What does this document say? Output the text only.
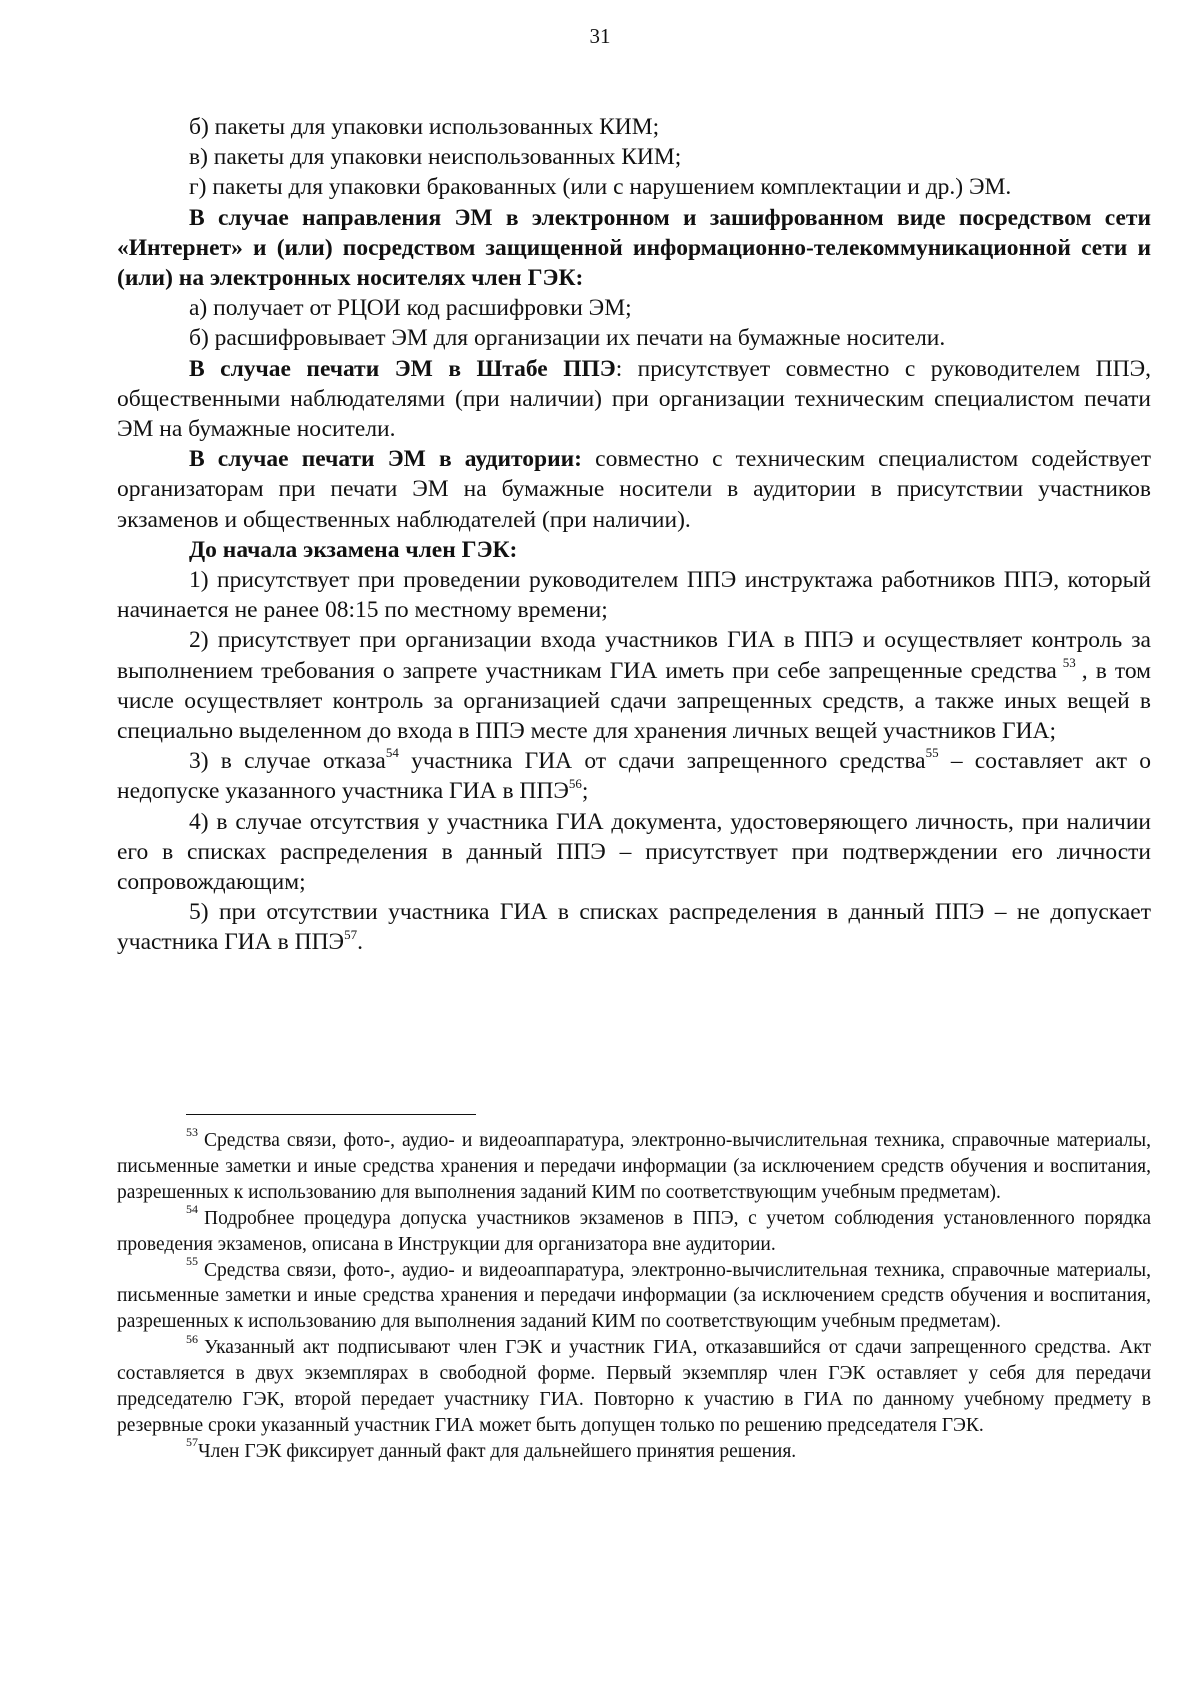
31

б) пакеты для упаковки использованных КИМ;

в) пакеты для упаковки неиспользованных КИМ;

г) пакеты для упаковки бракованных (или с нарушением комплектации и др.) ЭМ.

В случае направления ЭМ в электронном и зашифрованном виде посредством сети «Интернет» и (или) посредством защищенной информационно-телекоммуникационной сети и (или) на электронных носителях член ГЭК:

а) получает от РЦОИ код расшифровки ЭМ;

б) расшифровывает ЭМ для организации их печати на бумажные носители.

В случае печати ЭМ в Штабе ППЭ: присутствует совместно с руководителем ППЭ, общественными наблюдателями (при наличии) при организации техническим специалистом печати ЭМ на бумажные носители.

В случае печати ЭМ в аудитории: совместно с техническим специалистом содействует организаторам при печати ЭМ на бумажные носители в аудитории в присутствии участников экзаменов и общественных наблюдателей (при наличии).

До начала экзамена член ГЭК:

1) присутствует при проведении руководителем ППЭ инструктажа работников ППЭ, который начинается не ранее 08:15 по местному времени;

2) присутствует при организации входа участников ГИА в ППЭ и осуществляет контроль за выполнением требования о запрете участникам ГИА иметь при себе запрещенные средства $^{53}$ , в том числе осуществляет контроль за организацией сдачи запрещенных средств, а также иных вещей в специально выделенном до входа в ППЭ месте для хранения личных вещей участников ГИА;

3) в случае отказа$^{54}$ участника ГИА от сдачи запрещенного средства$^{55}$ – составляет акт о недопуске указанного участника ГИА в ППЭ$^{56}$;

4) в случае отсутствия у участника ГИА документа, удостоверяющего личность, при наличии его в списках распределения в данный ППЭ – присутствует при подтверждении его личности сопровождающим;

5) при отсутствии участника ГИА в списках распределения в данный ППЭ – не допускает участника ГИА в ППЭ$^{57}$.

$^{53}$ Средства связи, фото-, аудио- и видеоаппаратура, электронно-вычислительная техника, справочные материалы, письменные заметки и иные средства хранения и передачи информации (за исключением средств обучения и воспитания, разрешенных к использованию для выполнения заданий КИМ по соответствующим учебным предметам).

$^{54}$ Подробнее процедура допуска участников экзаменов в ППЭ, с учетом соблюдения установленного порядка проведения экзаменов, описана в Инструкции для организатора вне аудитории.

$^{55}$ Средства связи, фото-, аудио- и видеоаппаратура, электронно-вычислительная техника, справочные материалы, письменные заметки и иные средства хранения и передачи информации (за исключением средств обучения и воспитания, разрешенных к использованию для выполнения заданий КИМ по соответствующим учебным предметам).

$^{56}$ Указанный акт подписывают член ГЭК и участник ГИА, отказавшийся от сдачи запрещенного средства. Акт составляется в двух экземплярах в свободной форме. Первый экземпляр член ГЭК оставляет у себя для передачи председателю ГЭК, второй передает участнику ГИА. Повторно к участию в ГИА по данному учебному предмету в резервные сроки указанный участник ГИА может быть допущен только по решению председателя ГЭК.

$^{57}$Член ГЭК фиксирует данный факт для дальнейшего принятия решения.
